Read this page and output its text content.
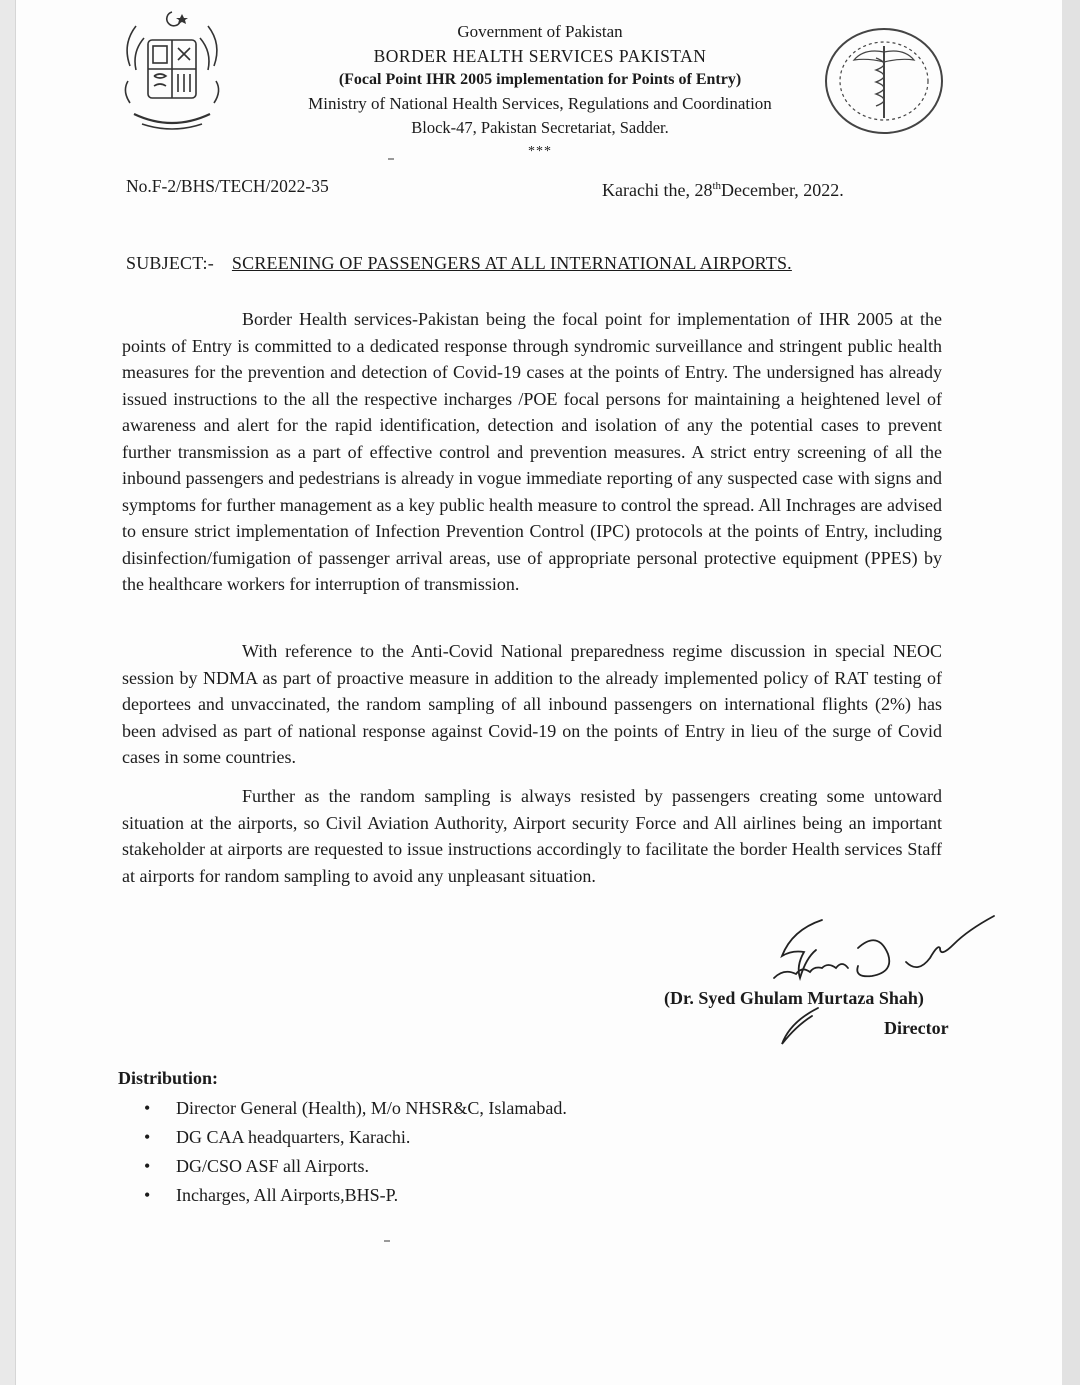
Government of Pakistan
BORDER HEALTH SERVICES PAKISTAN
(Focal Point IHR 2005 implementation for Points of Entry)
Ministry of National Health Services, Regulations and Coordination
Block-47, Pakistan Secretariat, Sadder.
***
No.F-2/BHS/TECH/2022-35	Karachi the, 28thDecember, 2022.
SUBJECT:- SCREENING OF PASSENGERS AT ALL INTERNATIONAL AIRPORTS.
Border Health services-Pakistan being the focal point for implementation of IHR 2005 at the points of Entry is committed to a dedicated response through syndromic surveillance and stringent public health measures for the prevention and detection of Covid-19 cases at the points of Entry. The undersigned has already issued instructions to the all the respective incharges /POE focal persons for maintaining a heightened level of awareness and alert for the rapid identification, detection and isolation of any the potential cases to prevent further transmission as a part of effective control and prevention measures. A strict entry screening of all the inbound passengers and pedestrians is already in vogue immediate reporting of any suspected case with signs and symptoms for further management as a key public health measure to control the spread. All Inchrages are advised to ensure strict implementation of Infection Prevention Control (IPC) protocols at the points of Entry, including disinfection/fumigation of passenger arrival areas, use of appropriate personal protective equipment (PPES) by the healthcare workers for interruption of transmission.
With reference to the Anti-Covid National preparedness regime discussion in special NEOC session by NDMA as part of proactive measure in addition to the already implemented policy of RAT testing of deportees and unvaccinated, the random sampling of all inbound passengers on international flights (2%) has been advised as part of national response against Covid-19 on the points of Entry in lieu of the surge of Covid cases in some countries.
Further as the random sampling is always resisted by passengers creating some untoward situation at the airports, so Civil Aviation Authority, Airport security Force and All airlines being an important stakeholder at airports are requested to issue instructions accordingly to facilitate the border Health services Staff at airports for random sampling to avoid any unpleasant situation.
(Dr. Syed Ghulam Murtaza Shah)
Director
Distribution:
• Director General (Health), M/o NHSR&C, Islamabad.
• DG CAA headquarters, Karachi.
• DG/CSO ASF all Airports.
• Incharges, All Airports,BHS-P.
